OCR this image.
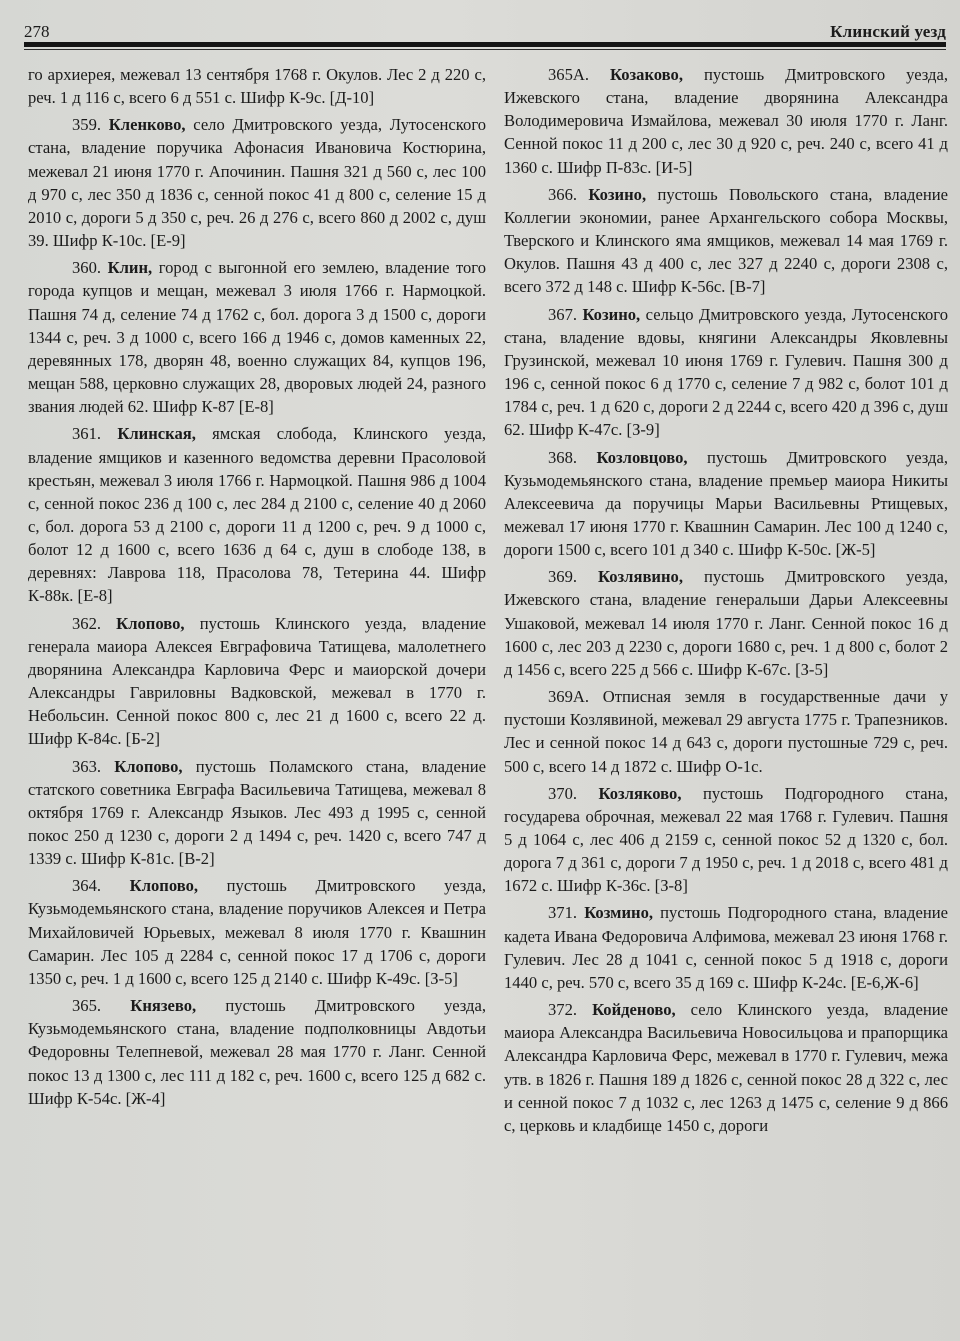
278	Клинский уезд

го архиерея, межевал 13 сентября 1768 г. Окулов. Лес 2 д 220 с, реч. 1 д 116 с, всего 6 д 551 с. Шифр К-9с. [Д-10]

359. Кленково, село Дмитровского уезда, Лутосенского стана, владение поручика Афонасия Ивановича Костюрина, межевал 21 июня 1770 г. Апочинин. Пашня 321 д 560 с, лес 100 д 970 с, лес 350 д 1836 с, сенной покос 41 д 800 с, селение 15 д 2010 с, дороги 5 д 350 с, реч. 26 д 276 с, всего 860 д 2002 с, душ 39. Шифр К-10с. [Е-9]

360. Клин, город с выгонной его землею, владение того города купцов и мещан, межевал 3 июля 1766 г. Нармоцкой. Пашня 74 д, селение 74 д 1762 с, бол. дорога 3 д 1500 с, дороги 1344 с, реч. 3 д 1000 с, всего 166 д 1946 с, домов каменных 22, деревянных 178, дворян 48, военно служащих 84, купцов 196, мещан 588, церковно служащих 28, дворовых людей 24, разного звания людей 62. Шифр К-87 [Е-8]

361. Клинская, ямская слобода, Клинского уезда, владение ямщиков и казенного ведомства деревни Прасоловой крестьян, межевал 3 июля 1766 г. Нармоцкой. Пашня 986 д 1004 с, сенной покос 236 д 100 с, лес 284 д 2100 с, селение 40 д 2060 с, бол. дорога 53 д 2100 с, дороги 11 д 1200 с, реч. 9 д 1000 с, болот 12 д 1600 с, всего 1636 д 64 с, душ в слободе 138, в деревнях: Лаврова 118, Прасолова 78, Тетерина 44. Шифр К-88к. [Е-8]

362. Клопово, пустошь Клинского уезда, владение генерала маиора Алексея Евграфовича Татищева, малолетнего дворянина Александра Карловича Ферс и маиорской дочери Александры Гавриловны Вадковской, межевал в 1770 г. Небольсин. Сенной покос 800 с, лес 21 д 1600 с, всего 22 д. Шифр К-84с. [Б-2]

363. Клопово, пустошь Поламского стана, владение статского советника Евграфа Васильевича Татищева, межевал 8 октября 1769 г. Александр Языков. Лес 493 д 1995 с, сенной покос 250 д 1230 с, дороги 2 д 1494 с, реч. 1420 с, всего 747 д 1339 с. Шифр К-81с. [В-2]

364. Клопово, пустошь Дмитровского уезда, Кузьмодемьянского стана, владение поручиков Алексея и Петра Михайловичей Юрьевых, межевал 8 июля 1770 г. Квашнин Самарин. Лес 105 д 2284 с, сенной покос 17 д 1706 с, дороги 1350 с, реч. 1 д 1600 с, всего 125 д 2140 с. Шифр К-49с. [З-5]

365. Князево, пустошь Дмитровского уезда, Кузьмодемьянского стана, владение подполковницы Авдотьи Федоровны Телепневой, межевал 28 мая 1770 г. Ланг. Сенной покос 13 д 1300 с, лес 111 д 182 с, реч. 1600 с, всего 125 д 682 с. Шифр К-54с. [Ж-4]

365А. Козаково, пустошь Дмитровского уезда, Ижевского стана, владение дворянина Александра Володимеровича Измайлова, межевал 30 июля 1770 г. Ланг. Сенной покос 11 д 200 с, лес 30 д 920 с, реч. 240 с, всего 41 д 1360 с. Шифр П-83с. [И-5]

366. Козино, пустошь Повольского стана, владение Коллегии экономии, ранее Архангельского собора Москвы, Тверского и Клинского яма ямщиков, межевал 14 мая 1769 г. Окулов. Пашня 43 д 400 с, лес 327 д 2240 с, дороги 2308 с, всего 372 д 148 с. Шифр К-56с. [В-7]

367. Козино, сельцо Дмитровского уезда, Лутосенского стана, владение вдовы, княгини Александры Яковлевны Грузинской, межевал 10 июня 1769 г. Гулевич. Пашня 300 д 196 с, сенной покос 6 д 1770 с, селение 7 д 982 с, болот 101 д 1784 с, реч. 1 д 620 с, дороги 2 д 2244 с, всего 420 д 396 с, душ 62. Шифр К-47с. [З-9]

368. Козловцово, пустошь Дмитровского уезда, Кузьмодемьянского стана, владение премьер маиора Никиты Алексеевича да поручицы Марьи Васильевны Ртищевых, межевал 17 июня 1770 г. Квашнин Самарин. Лес 100 д 1240 с, дороги 1500 с, всего 101 д 340 с. Шифр К-50с. [Ж-5]

369. Козлявино, пустошь Дмитровского уезда, Ижевского стана, владение генеральши Дарьи Алексеевны Ушаковой, межевал 14 июля 1770 г. Ланг. Сенной покос 16 д 1600 с, лес 203 д 2230 с, дороги 1680 с, реч. 1 д 800 с, болот 2 д 1456 с, всего 225 д 566 с. Шифр К-67с. [З-5]

369А. Отписная земля в государственные дачи у пустоши Козлявиной, межевал 29 августа 1775 г. Трапезников. Лес и сенной покос 14 д 643 с, дороги пустошные 729 с, реч. 500 с, всего 14 д 1872 с. Шифр О-1с.

370. Козляково, пустошь Подгородного стана, государева оброчная, межевал 22 мая 1768 г. Гулевич. Пашня 5 д 1064 с, лес 406 д 2159 с, сенной покос 52 д 1320 с, бол. дорога 7 д 361 с, дороги 7 д 1950 с, реч. 1 д 2018 с, всего 481 д 1672 с. Шифр К-36с. [З-8]

371. Козмино, пустошь Подгородного стана, владение кадета Ивана Федоровича Алфимова, межевал 23 июня 1768 г. Гулевич. Лес 28 д 1041 с, сенной покос 5 д 1918 с, дороги 1440 с, реч. 570 с, всего 35 д 169 с. Шифр К-24с. [Е-6,Ж-6]

372. Койденово, село Клинского уезда, владение маиора Александра Васильевича Новосильцова и прапорщика Александра Карловича Ферс, межевал в 1770 г. Гулевич, межа утв. в 1826 г. Пашня 189 д 1826 с, сенной покос 28 д 322 с, лес и сенной покос 7 д 1032 с, лес 1263 д 1475 с, селение 9 д 866 с, церковь и кладбище 1450 с, дороги
